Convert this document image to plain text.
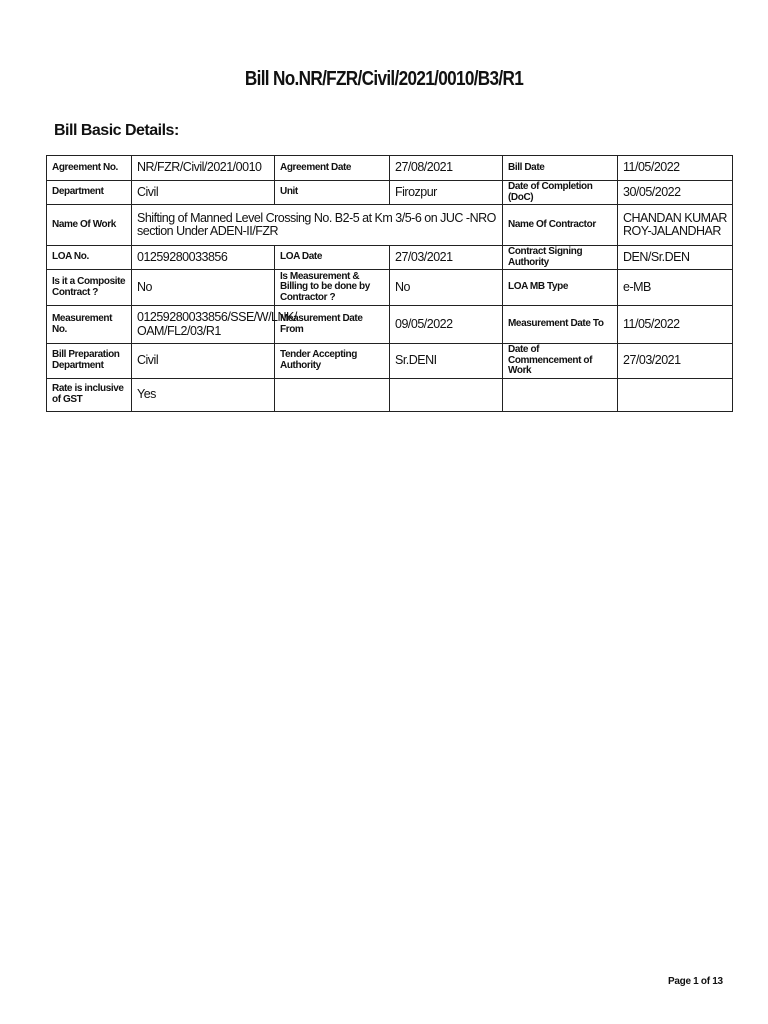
Bill No.NR/FZR/Civil/2021/0010/B3/R1
Bill Basic Details:
Agreement No.	NR/FZR/Civil/2021/0010	Agreement Date	27/08/2021	Bill Date	11/05/2022
Department	Civil	Unit	Firozpur	Date of Completion (DoC)	30/05/2022
Name Of Work	Shifting of Manned Level Crossing No. B2-5 at Km 3/5-6 on JUC -NRO section Under ADEN-II/FZR			Name Of Contractor	CHANDAN KUMAR ROY-JALANDHAR
LOA No.	01259280033856	LOA Date	27/03/2021	Contract Signing Authority	DEN/Sr.DEN
Is it a Composite Contract ?	No	Is Measurement & Billing to be done by Contractor ?	No	LOA MB Type	e-MB
Measurement No.	01259280033856/SSE/W/LNK/ OAM/FL2/03/R1	Measurement Date From	09/05/2022	Measurement Date To	11/05/2022
Bill Preparation Department	Civil	Tender Accepting Authority	Sr.DENI	Date of Commencement of Work	27/03/2021
Rate is inclusive of GST	Yes				
Page 1 of 13
